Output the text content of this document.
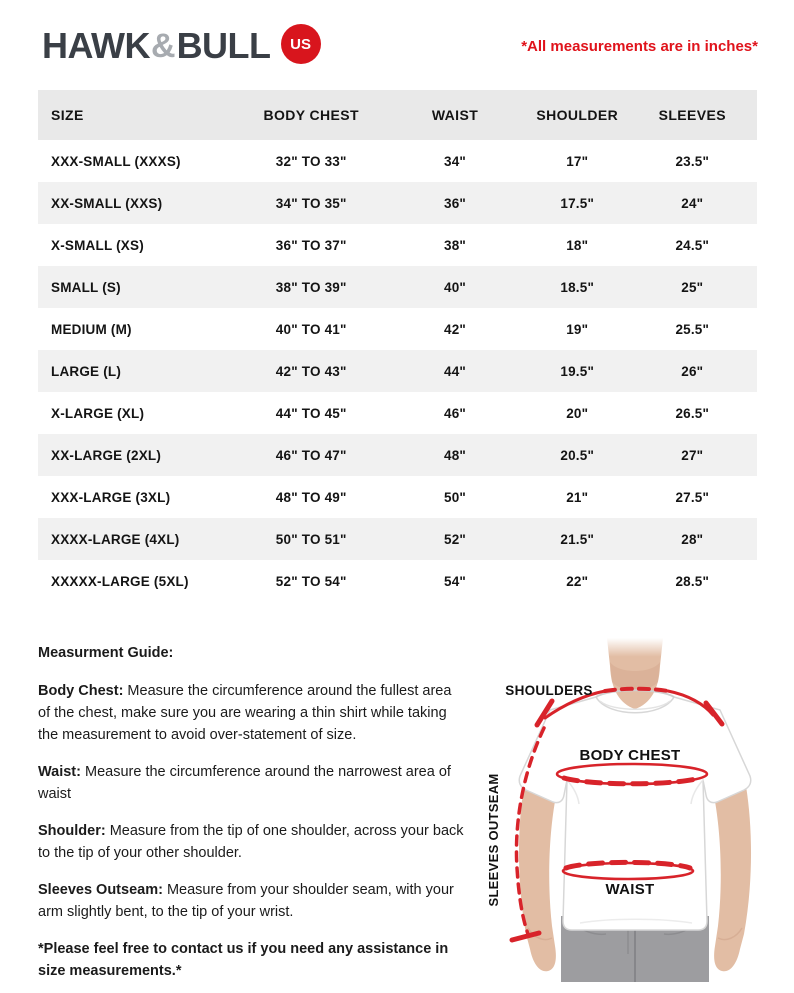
HAWK & BULL	US	*All measurements are in inches*
SIZE	BODY CHEST	WAIST	SHOULDER	SLEEVES
XXX-SMALL (XXXS)	32" TO 33"	34"	17"	23.5"
XX-SMALL (XXS)	34" TO 35"	36"	17.5"	24"
X-SMALL (XS)	36" TO 37"	38"	18"	24.5"
SMALL (S)	38" TO 39"	40"	18.5"	25"
MEDIUM (M)	40" TO 41"	42"	19"	25.5"
LARGE (L)	42" TO 43"	44"	19.5"	26"
X-LARGE (XL)	44" TO 45"	46"	20"	26.5"
XX-LARGE (2XL)	46" TO 47"	48"	20.5"	27"
XXX-LARGE (3XL)	48" TO 49"	50"	21"	27.5"
XXXX-LARGE (4XL)	50" TO 51"	52"	21.5"	28"
XXXXX-LARGE (5XL)	52" TO 54"	54"	22"	28.5"

Measurment Guide:

Body Chest: Measure the circumference around the fullest area of the chest, make sure you are wearing a thin shirt while taking the measurement to avoid over-statement of size.

Waist: Measure the circumference around the narrowest area of waist

Shoulder: Measure from the tip of one shoulder, across your back to the tip of your other shoulder.

Sleeves Outseam: Measure from your shoulder seam, with your arm slightly bent, to the tip of your wrist.

*Please feel free to contact us if you need any assistance in size measurements.*

SHOULDERS
BODY CHEST
WAIST
SLEEVES OUTSEAM
